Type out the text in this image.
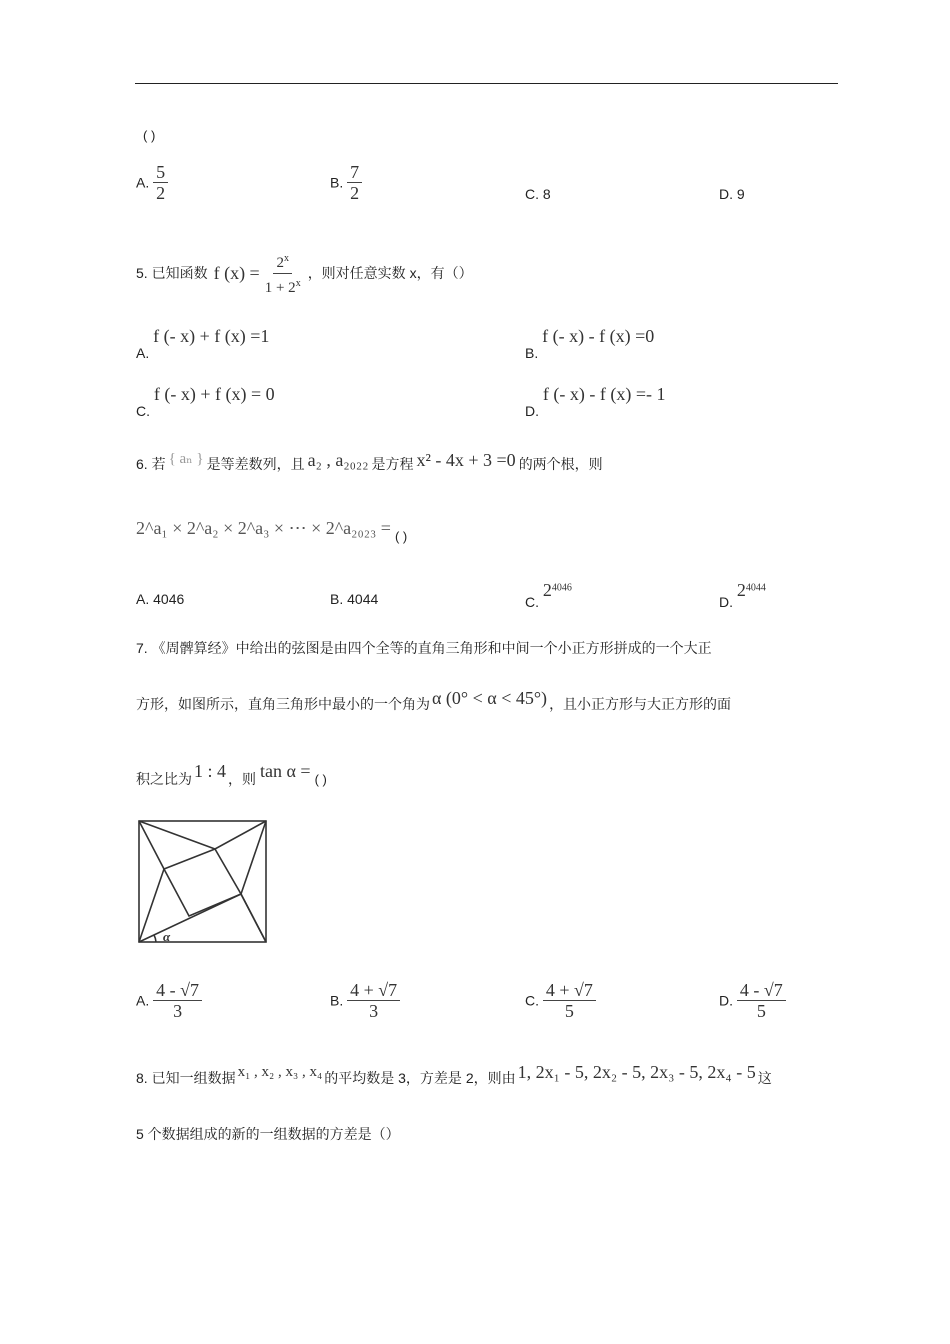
( )
A. $\frac{5}{2}$	B. $\frac{7}{2}$	C. 8	D. 9
5. 已知函数 f $(x) = \frac{2^x}{1 + 2^x}$ ，则对任意实数 x，有（）
A. f (- x) + f (x) =1
B. f (- x) - f (x) =0
C. f (- x) + f (x) = 0
D. f (- x) - f (x) =- 1
6. 若 { aₙ } 是等差数列，且 a₂ , a₂₀₂₂ 是方程 x² - 4x + 3 =0 的两个根，则
2^a₁ × 2^a₂ × 2^a₃ × ⋯ × 2^a₂₀₂₃ = ( )
A. 4046	B. 4044	C. $2^{4046}$
D. $2^{4044}$
7. 《周髀算经》中给出的弦图是由四个全等的直角三角形和中间一个小正方形拼成的一个大正
方形，如图所示，直角三角形中最小的一个角为 α (0° < α < 45°) ，且小正方形与大正方形的面
积之比为 1 : 4 ，则 tan α = ( )
α
A. $\frac{4 - √7}{3}$	B. $\frac{4 + √7}{3}$	C. $\frac{4 + √7}{5}$	D. $\frac{4 - √7}{5}$
8. 已知一组数据 x₁ , x₂ , x₃ , x₄ 的平均数是 3，方差是 2，则由 1, 2x₁ - 5, 2x₂ - 5, 2x₃ - 5, 2x₄ - 5 这
5 个数据组成的新的一组数据的方差是（）
